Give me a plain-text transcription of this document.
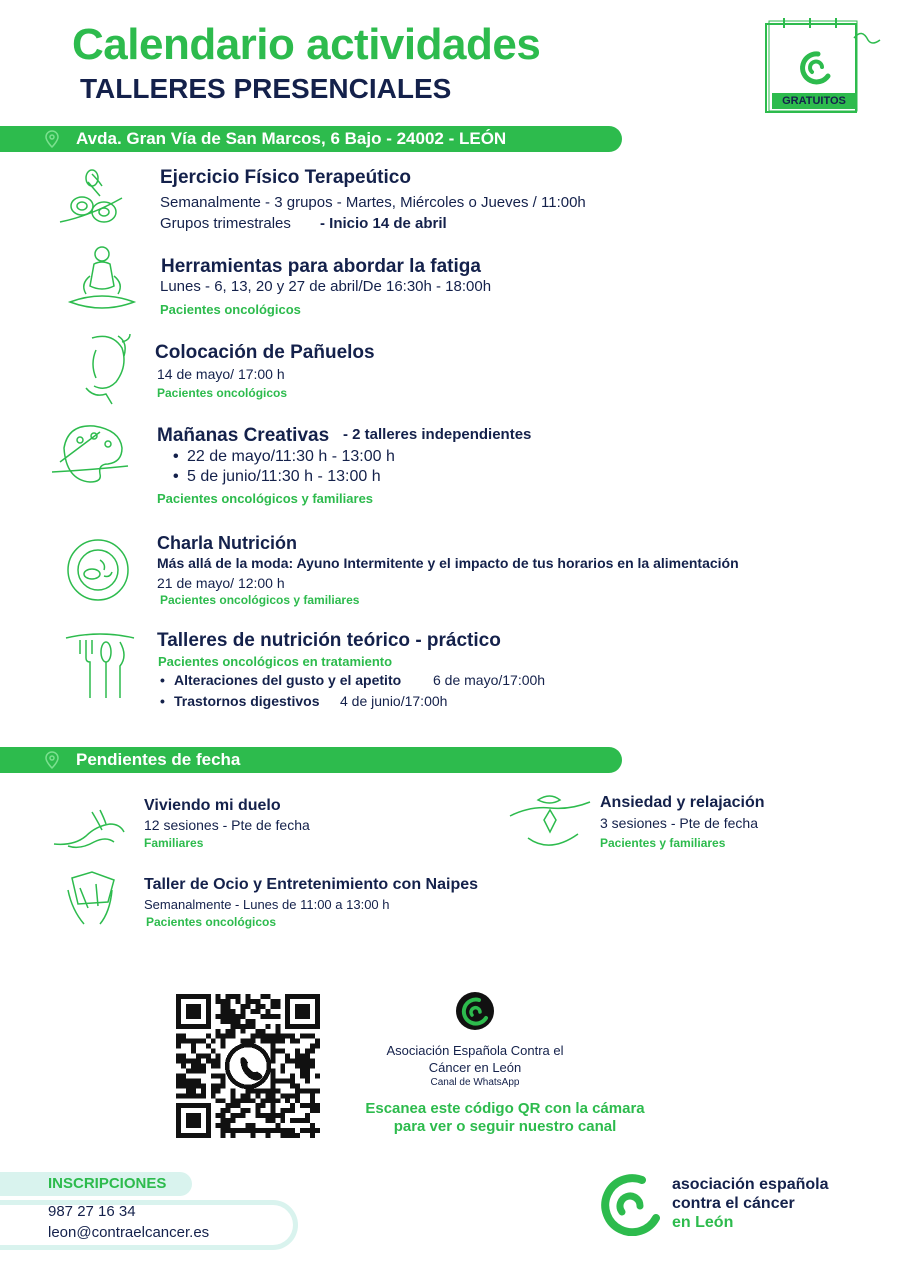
Calendario actividades
TALLERES PRESENCIALES	GRATUITOS
Avda. Gran Vía de San Marcos, 6 Bajo - 24002 - LEÓN
Ejercicio Físico Terapeútico
Semanalmente - 3 grupos - Martes, Miércoles o Jueves / 11:00h
Grupos trimestrales - Inicio 14 de abril
Herramientas para abordar la fatiga
Lunes - 6, 13, 20 y 27 de abril/De 16:30h - 18:00h
Pacientes oncológicos
Colocación de Pañuelos
14 de mayo/ 17:00 h
Pacientes oncológicos
Mañanas Creativas - 2 talleres independientes
• 22 de mayo/11:30 h - 13:00 h
• 5 de junio/11:30 h - 13:00 h
Pacientes oncológicos y familiares
Charla Nutrición
Más allá de la moda: Ayuno Intermitente y el impacto de tus horarios en la alimentación
21 de mayo/ 12:00 h
Pacientes oncológicos y familiares
Talleres de nutrición teórico - práctico
Pacientes oncológicos en tratamiento
• Alteraciones del gusto y el apetito 6 de mayo/17:00h
• Trastornos digestivos 4 de junio/17:00h
Pendientes de fecha
Viviendo mi duelo
12 sesiones - Pte de fecha
Familiares
Ansiedad y relajación
3 sesiones - Pte de fecha
Pacientes y familiares
Taller de Ocio y Entretenimiento con Naipes
Semanalmente - Lunes de 11:00 a 13:00 h
Pacientes oncológicos
Asociación Española Contra el
Cáncer en León
Canal de WhatsApp
Escanea este código QR con la cámara
para ver o seguir nuestro canal
INSCRIPCIONES
987 27 16 34
leon@contraelcancer.es
asociación española
contra el cáncer
en León
